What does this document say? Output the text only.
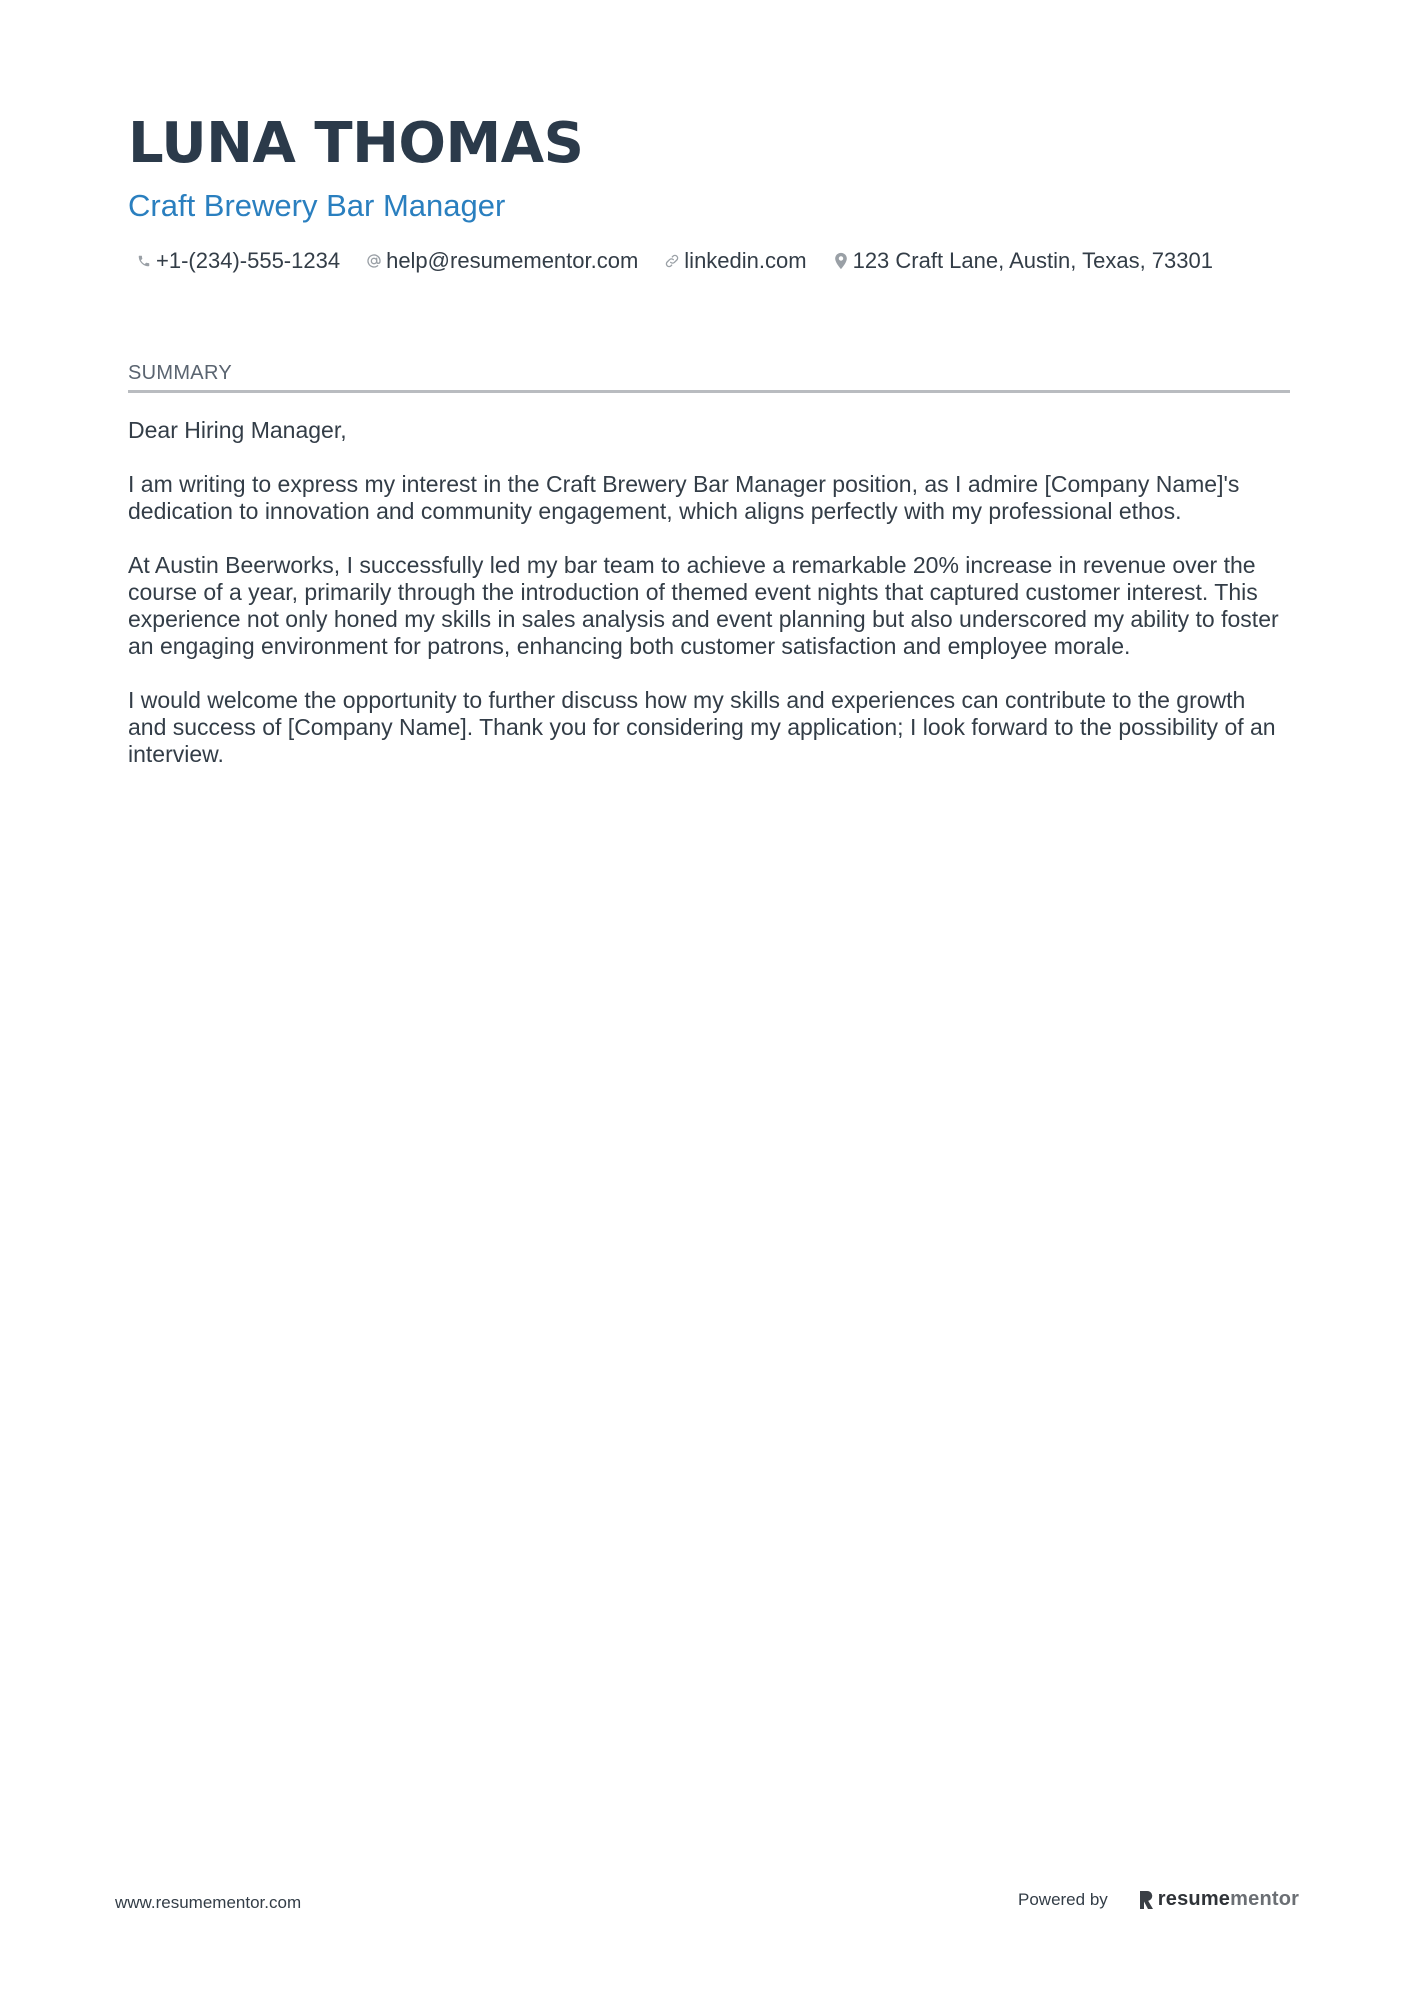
LUNA THOMAS
Craft Brewery Bar Manager
+1-(234)-555-1234 help@resumementor.com linkedin.com 123 Craft Lane, Austin, Texas, 73301
SUMMARY

Dear Hiring Manager,

I am writing to express my interest in the Craft Brewery Bar Manager position, as I admire [Company Name]'s dedication to innovation and community engagement, which aligns perfectly with my professional ethos.

At Austin Beerworks, I successfully led my bar team to achieve a remarkable 20% increase in revenue over the course of a year, primarily through the introduction of themed event nights that captured customer interest. This experience not only honed my skills in sales analysis and event planning but also underscored my ability to foster an engaging environment for patrons, enhancing both customer satisfaction and employee morale.

I would welcome the opportunity to further discuss how my skills and experiences can contribute to the growth and success of [Company Name]. Thank you for considering my application; I look forward to the possibility of an interview.

www.resumementor.com	Powered by	resume mentor
